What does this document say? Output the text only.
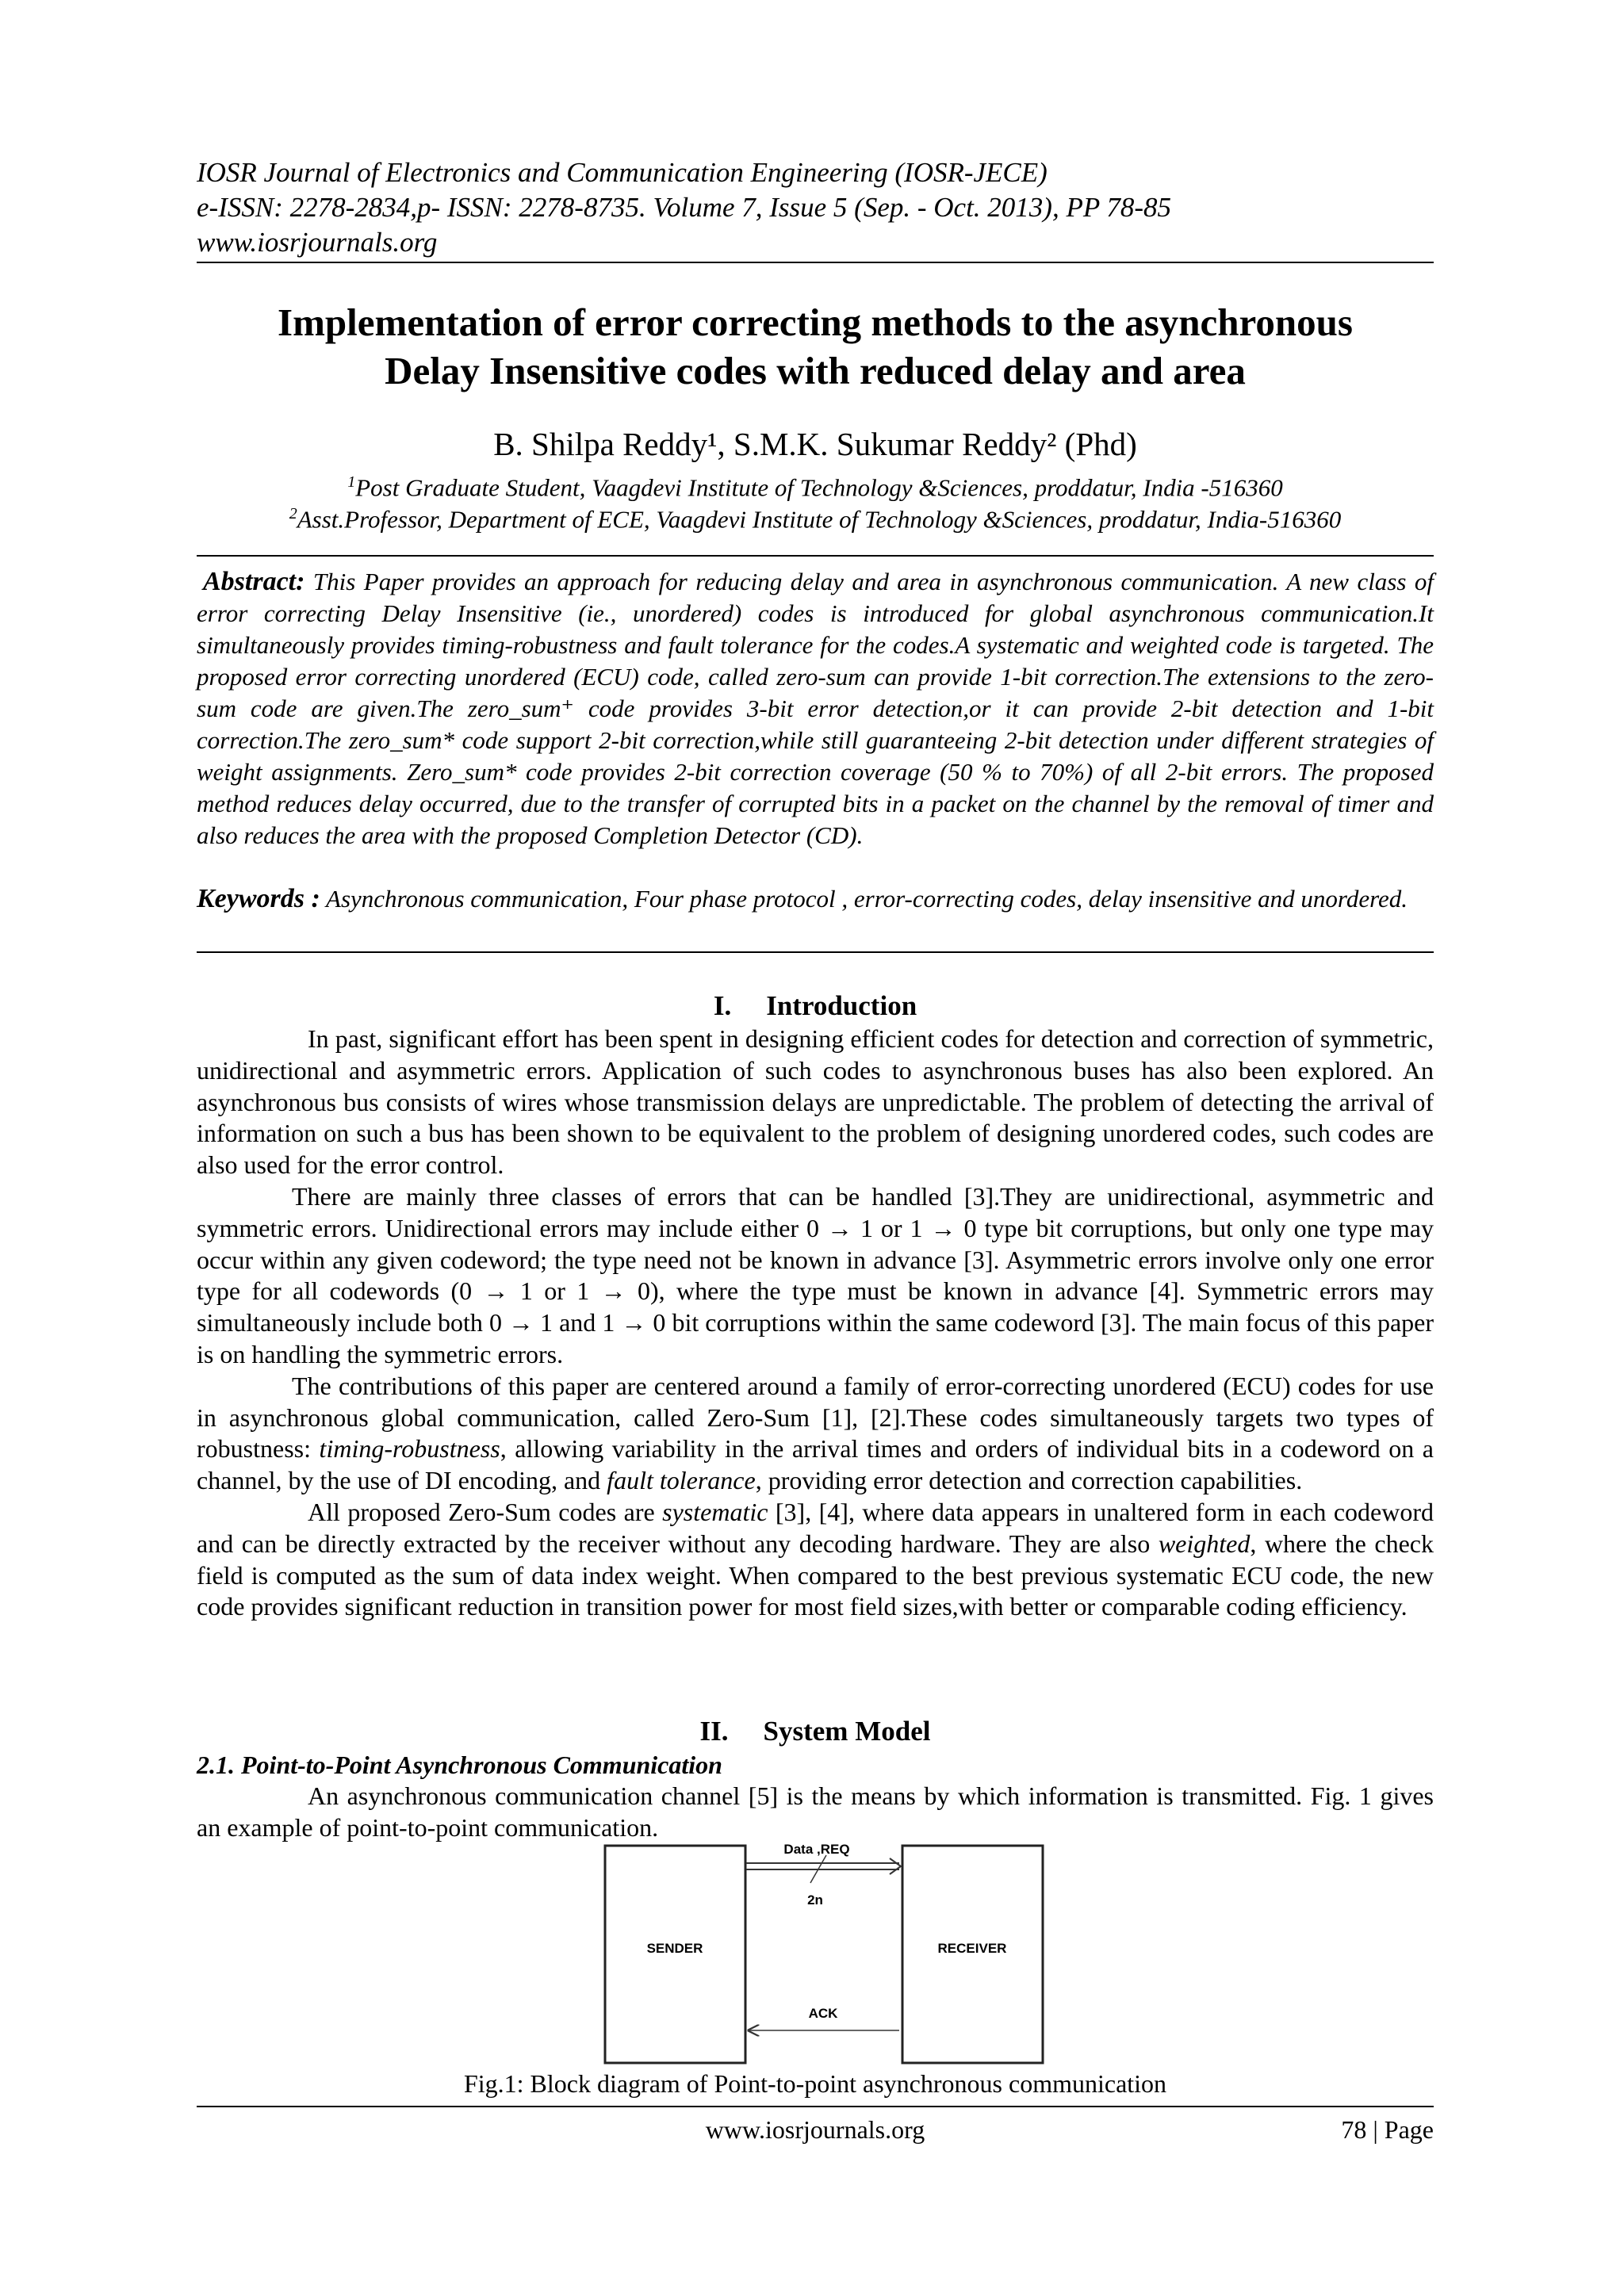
IOSR Journal of Electronics and Communication Engineering (IOSR-JECE)
e-ISSN: 2278-2834,p- ISSN: 2278-8735. Volume 7, Issue 5 (Sep. - Oct. 2013), PP 78-85
www.iosrjournals.org
Implementation of error correcting methods to the asynchronous
Delay Insensitive codes with reduced delay and area
B. Shilpa Reddy¹, S.M.K. Sukumar Reddy² (Phd)
$^1$Post Graduate Student, Vaagdevi Institute of Technology &Sciences, proddatur, India -516360
$^2$Asst.Professor, Department of ECE, Vaagdevi Institute of Technology &Sciences, proddatur, India-516360
Abstract: This Paper provides an approach for reducing delay and area in asynchronous communication. A new class of error correcting Delay Insensitive (ie., unordered) codes is introduced for global asynchronous communication.It simultaneously provides timing-robustness and fault tolerance for the codes.A systematic and weighted code is targeted. The proposed error correcting unordered (ECU) code, called zero-sum can provide 1-bit correction.The extensions to the zero-sum code are given.The zero_sum⁺ code provides 3-bit error detection,or it can provide 2-bit detection and 1-bit correction.The zero_sum* code support 2-bit correction,while still guaranteeing 2-bit detection under different strategies of weight assignments. Zero_sum* code provides 2-bit correction coverage (50 % to 70%) of all 2-bit errors. The proposed method reduces delay occurred, due to the transfer of corrupted bits in a packet on the channel by the removal of timer and also reduces the area with the proposed Completion Detector (CD).
Keywords : Asynchronous communication, Four phase protocol , error-correcting codes, delay insensitive and unordered.
I. Introduction

In past, significant effort has been spent in designing efficient codes for detection and correction of symmetric, unidirectional and asymmetric errors. Application of such codes to asynchronous buses has also been explored. An asynchronous bus consists of wires whose transmission delays are unpredictable. The problem of detecting the arrival of information on such a bus has been shown to be equivalent to the problem of designing unordered codes, such codes are also used for the error control.

There are mainly three classes of errors that can be handled [3].They are unidirectional, asymmetric and symmetric errors. Unidirectional errors may include either 0 → 1 or 1 → 0 type bit corruptions, but only one type may occur within any given codeword; the type need not be known in advance [3]. Asymmetric errors involve only one error type for all codewords (0 → 1 or 1 → 0), where the type must be known in advance [4]. Symmetric errors may simultaneously include both 0 → 1 and 1 → 0 bit corruptions within the same codeword [3]. The main focus of this paper is on handling the symmetric errors.

The contributions of this paper are centered around a family of error-correcting unordered (ECU) codes for use in asynchronous global communication, called Zero-Sum [1], [2].These codes simultaneously targets two types of robustness: timing-robustness, allowing variability in the arrival times and orders of individual bits in a codeword on a channel, by the use of DI encoding, and fault tolerance, providing error detection and correction capabilities.

All proposed Zero-Sum codes are systematic [3], [4], where data appears in unaltered form in each codeword and can be directly extracted by the receiver without any decoding hardware. They are also weighted, where the check field is computed as the sum of data index weight. When compared to the best previous systematic ECU code, the new code provides significant reduction in transition power for most field sizes,with better or comparable coding efficiency.

II. System Model
2.1. Point-to-Point Asynchronous Communication

An asynchronous communication channel [5] is the means by which information is transmitted. Fig. 1 gives an example of point-to-point communication.

SENDER	RECEIVER
Data ,REQ
2n
ACK
Fig.1: Block diagram of Point-to-point asynchronous communication
www.iosrjournals.org	78 | Page
